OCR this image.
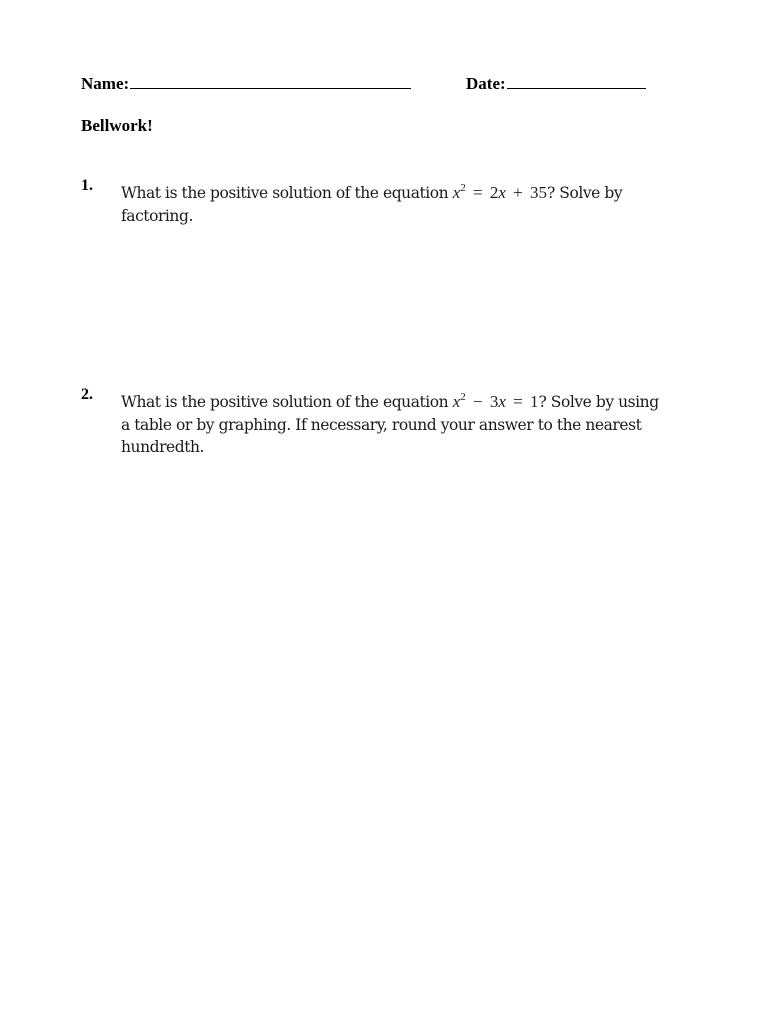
Name:	Date:
Bellwork!
1. What is the positive solution of the equation $x^2 = 2x + 35$? Solve by factoring.
2. What is the positive solution of the equation $x^2 - 3x = 1$? Solve by using a table or by graphing. If necessary, round your answer to the nearest hundredth.
